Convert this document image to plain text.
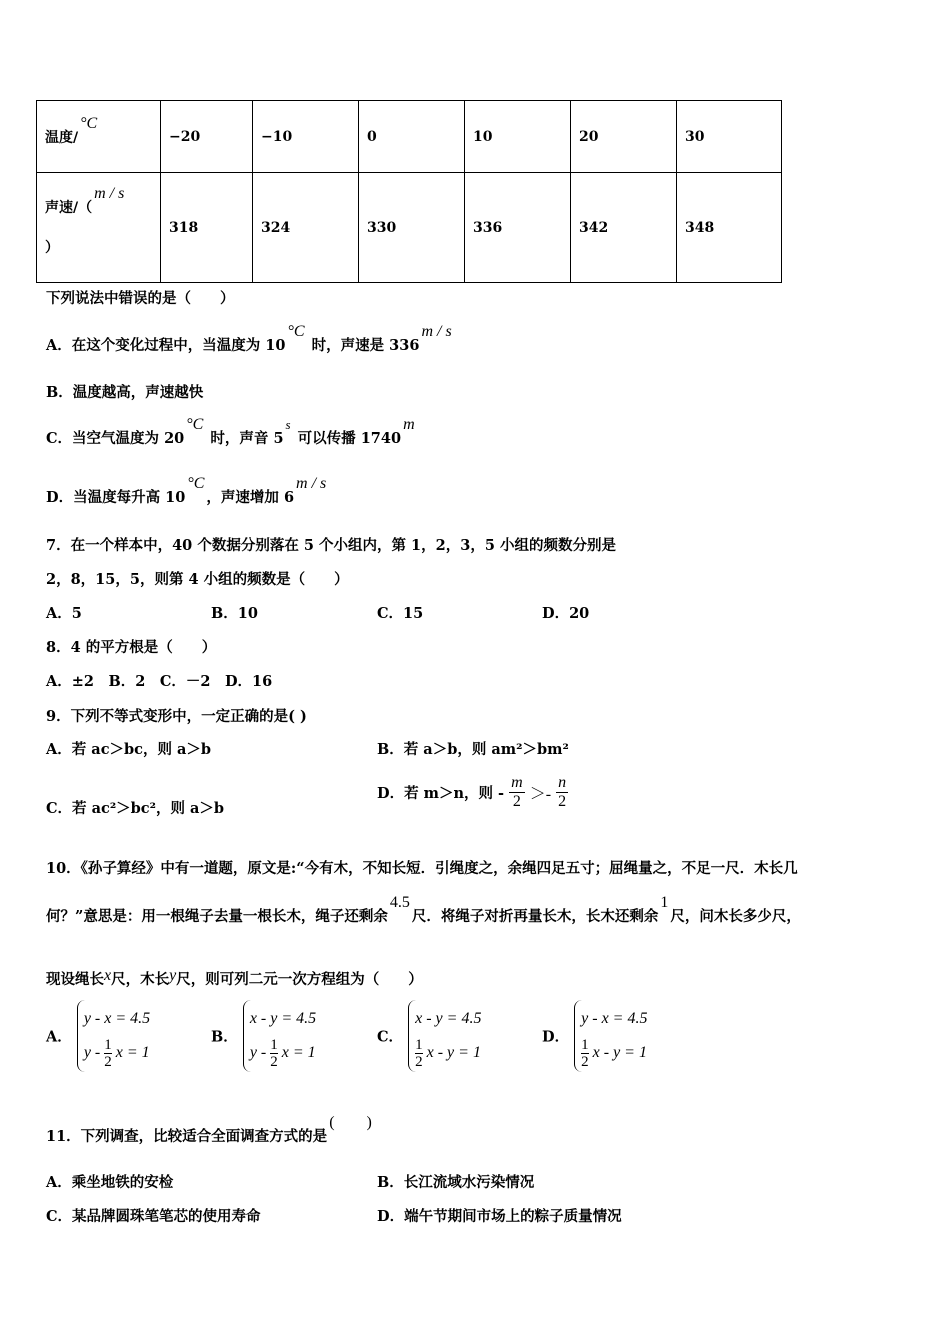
温度/°C	−20	−10	0	10	20	30
声速/（m / s
）	318	324	330	336	342	348
下列说法中错误的是（　　）
A．在这个变化过程中，当温度为 10°C 时，声速是 336m / s
B．温度越高，声速越快
C．当空气温度为 20°C 时，声音 5s 可以传播 1740m
D．当温度每升高 10°C，声速增加 6m / s
7．在一个样本中，40 个数据分别落在 5 个小组内，第 1，2，3，5 小组的频数分别是
2，8，15，5，则第 4 小组的频数是（　　）
A．5	B．10	C．15	D．20
8．4 的平方根是（　　）
A．±2　B．2　C．－2　D．16
9．下列不等式变形中，一定正确的是( )
A．若 ac＞bc，则 a＞b	B．若 a＞b，则 am²＞bm²
C．若 ac²＞bc²，则 a＞b
D．若 m＞n，则 - $\frac{m}{2} >- \frac{n}{2}$
10．《孙子算经》中有一道题，原文是:“今有木，不知长短．引绳度之，余绳四足五寸；屈绳量之，不足一尺．木长几
何？”意思是：用一根绳子去量一根长木，绳子还剩余4.5尺．将绳子对折再量长木，长木还剩余1尺，问木长多少尺，
现设绳长x尺，木长y尺，则可列二元一次方程组为（　　）
A．
y - x = 4.5
y - $\frac{1}{2}$ x = 1
B．
x - y = 4.5
y - $\frac{1}{2}$ x = 1
C．
x - y = 4.5
$\frac{1}{2}$ x - y = 1
D．
y - x = 4.5
$\frac{1}{2}$ x - y = 1
11．下列调查，比较适合全面调查方式的是(　　)
A．乘坐地铁的安检	B．长江流域水污染情况
C．某品牌圆珠笔笔芯的使用寿命	D．端午节期间市场上的粽子质量情况
